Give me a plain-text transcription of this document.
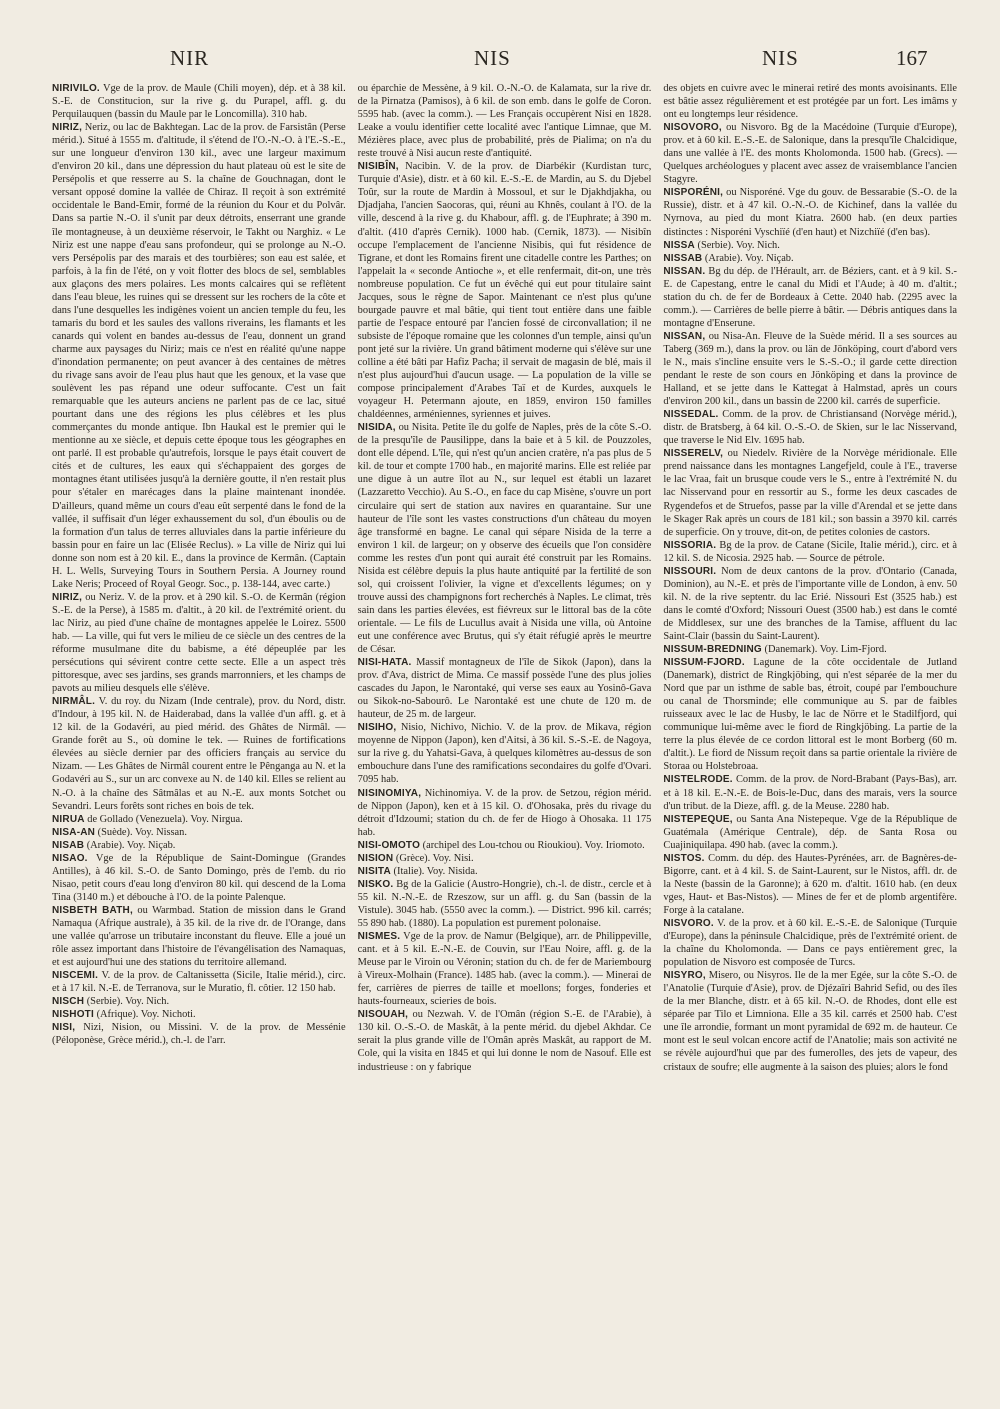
NIR	NIS	NIS	167

NIRIVILO. Vge de la prov. de Maule (Chili moyen), dép. et à 38 kil. S.-E. de Constitucion, sur la rive g. du Purapel, affl. g. du Perquilauquen (bassin du Maule par le Loncomilla). 310 hab.

NIRIZ, Neriz, ou lac de Bakhtegan. Lac de la prov. de Farsistân (Perse mérid.). Situé à 1555 m. d'altitude, il s'étend de l'O.-N.-O. à l'E.-S.-E., sur une longueur d'environ 130 kil., avec une largeur maximum d'environ 20 kil., dans une dépression du haut plateau où est le site de Persépolis et que resserre au S. la chaîne de Gouchnagan, dont le versant opposé domine la vallée de Chiraz. Il reçoit à son extrémité occidentale le Band-Emir, formé de la réunion du Kour et du Polvâr. Dans sa partie N.-O. il s'unit par deux détroits, enserrant une grande île montagneuse, à un deuxième réservoir, le Takht ou Narghiz. « Le Niriz est une nappe d'eau sans profondeur, qui se prolonge au N.-O. vers Persépolis par des marais et des tourbières; son eau est salée, et parfois, à la fin de l'été, on y voit flotter des blocs de sel, semblables aux glaçons des mers polaires. Les monts calcaires qui se reflètent dans l'eau bleue, les ruines qui se dressent sur les rochers de la côte et dans l'une desquelles les indigènes voient un ancien temple du feu, les tamaris du bord et les saules des vallons riverains, les flamants et les canards qui volent en bandes au-dessus de l'eau, donnent un grand charme aux paysages du Niriz; mais ce n'est en réalité qu'une nappe d'inondation permanente; on peut avancer à des centaines de mètres du rivage sans avoir de l'eau plus haut que les genoux, et la vase que soulèvent les pas répand une odeur suffocante. C'est un fait remarquable que les auteurs anciens ne parlent pas de ce lac, situé pourtant dans une des régions les plus célèbres et les plus commerçantes du monde antique. Ibn Haukal est le premier qui le mentionne au xe siècle, et depuis cette époque tous les géographes en ont parlé. Il est probable qu'autrefois, lorsque le pays était couvert de cités et de cultures, les eaux qui s'échappaient des gorges de montagnes étant utilisées jusqu'à la dernière goutte, il n'en restait plus pour s'étaler en marécages dans la plaine maintenant inondée. D'ailleurs, quand même un cours d'eau eût serpenté dans le fond de la vallée, il suffisait d'un léger exhaussement du sol, d'un éboulis ou de la formation d'un talus de terres alluviales dans la partie inférieure du bassin pour en faire un lac (Elisée Reclus). » La ville de Niriz qui lui donne son nom est à 20 kil. E., dans la province de Kermân. (Captain H. L. Wells, Surveying Tours in Southern Persia. A Journey round Lake Neris; Proceed of Royal Geogr. Soc., p. 138-144, avec carte.)

NIRIZ, ou Neriz. V. de la prov. et à 290 kil. S.-O. de Kermân (région S.-E. de la Perse), à 1585 m. d'altit., à 20 kil. de l'extrémité orient. du lac Niriz, au pied d'une chaîne de montagnes appelée le Loirez. 5500 hab. — La ville, qui fut vers le milieu de ce siècle un des centres de la réforme musulmane dite du babisme, a été dépeuplée par les persécutions qui sévirent contre cette secte. Elle a un aspect très pittoresque, avec ses jardins, ses grands marronniers, et les champs de pavots au milieu desquels elle s'élève.

NIRMÂL. V. du roy. du Nizam (Inde centrale), prov. du Nord, distr. d'Indour, à 195 kil. N. de Haiderabad, dans la vallée d'un affl. g. et à 12 kil. de la Godavéri, au pied mérid. des Ghâtes de Nirmâl. — Grande forêt au S., où domine le tek. — Ruines de fortifications élevées au siècle dernier par des officiers français au service du Nizam. — Les Ghâtes de Nirmâl courent entre le Pênganga au N. et la Godavéri au S., sur un arc convexe au N. de 140 kil. Elles se relient au N.-O. à la chaîne des Sâtmâlas et au N.-E. aux monts Sotchet ou Sevandri. Leurs forêts sont riches en bois de tek.

NIRUA de Gollado (Venezuela). Voy. Nirgua.

NISA-AN (Suède). Voy. Nissan.

NISAB (Arabie). Voy. Niçab.

NISAO. Vge de la République de Saint-Domingue (Grandes Antilles), à 46 kil. S.-O. de Santo Domingo, près de l'emb. du rio Nisao, petit cours d'eau long d'environ 80 kil. qui descend de la Loma Tina (3140 m.) et débouche à l'O. de la pointe Palenque.

NISBETH BATH, ou Warmbad. Station de mission dans le Grand Namaqua (Afrique australe), à 35 kil. de la rive dr. de l'Orange, dans une vallée qu'arrose un tributaire inconstant du fleuve. Elle a joué un rôle assez important dans l'histoire de l'évangélisation des Namaquas, et est aujourd'hui une des stations du territoire allemand.

NISCEMI. V. de la prov. de Caltanissetta (Sicile, Italie mérid.), circ. et à 17 kil. N.-E. de Terranova, sur le Muratio, fl. côtier. 12 150 hab.

NISCH (Serbie). Voy. Nich.

NISHOTI (Afrique). Voy. Nichoti.

NISI, Nizi, Nision, ou Missini. V. de la prov. de Messénie (Péloponèse, Grèce mérid.), ch.-l. de l'arr.

ou éparchie de Messène, à 9 kil. O.-N.-O. de Kalamata, sur la rive dr. de la Pirnatza (Pamisos), à 6 kil. de son emb. dans le golfe de Coron. 5595 hab. (avec la comm.). — Les Français occupèrent Nisi en 1828. Leake a voulu identifier cette localité avec l'antique Limnae, que M. Mézières place, avec plus de probabilité, près de Pialima; on n'a du reste trouvé à Nisi aucun reste d'antiquité.

NISIBÎN, Nacibin. V. de la prov. de Diarbékir (Kurdistan turc, Turquie d'Asie), distr. et à 60 kil. E.-S.-E. de Mardin, au S. du Djebel Toûr, sur la route de Mardin à Mossoul, et sur le Djakhdjakha, ou Djadjaha, l'ancien Saocoras, qui, réuni au Khnês, coulant à l'O. de la ville, descend à la rive g. du Khabour, affl. g. de l'Euphrate; à 390 m. d'altit. (410 d'après Cernik). 1000 hab. (Cernik, 1873). — Nisibîn occupe l'emplacement de l'ancienne Nisibis, qui fut résidence de Tigrane, et dont les Romains firent une citadelle contre les Parthes; on l'appelait la « seconde Antioche », et elle renfermait, dit-on, une très nombreuse population. Ce fut un évêché qui eut pour titulaire saint Jacques, sous le règne de Sapor. Maintenant ce n'est plus qu'une bourgade pauvre et mal bâtie, qui tient tout entière dans une faible partie de l'espace entouré par l'ancien fossé de circonvallation; il ne subsiste de l'époque romaine que les colonnes d'un temple, ainsi qu'un pont jeté sur la rivière. Un grand bâtiment moderne qui s'élève sur une colline a été bâti par Hafiz Pacha; il servait de magasin de blé, mais il n'est plus aujourd'hui d'aucun usage. — La population de la ville se compose principalement d'Arabes Taï et de Kurdes, auxquels le voyageur H. Petermann ajoute, en 1859, environ 150 familles chaldéennes, arméniennes, syriennes et juives.

NISIDA, ou Nisita. Petite île du golfe de Naples, près de la côte S.-O. de la presqu'île de Pausilippe, dans la baie et à 5 kil. de Pouzzoles, dont elle dépend. L'île, qui n'est qu'un ancien cratère, n'a pas plus de 5 kil. de tour et compte 1700 hab., en majorité marins. Elle est reliée par une digue à un autre îlot au N., sur lequel est établi un lazaret (Lazzaretto Vecchio). Au S.-O., en face du cap Misène, s'ouvre un port circulaire qui sert de station aux navires en quarantaine. Sur une hauteur de l'île sont les vastes constructions d'un château du moyen âge transformé en bagne. Le canal qui sépare Nisida de la terre a environ 1 kil. de largeur; on y observe des écueils que l'on considère comme les restes d'un pont qui aurait été construit par les Romains. Nisida est célèbre depuis la plus haute antiquité par la fertilité de son sol, qui croissent l'olivier, la vigne et d'excellents légumes; on y trouve aussi des champignons fort recherchés à Naples. Le climat, très sain dans les parties élevées, est fiévreux sur le littoral bas de la côte orientale. — Le fils de Lucullus avait à Nisida une villa, où Antoine eut une conférence avec Brutus, qui s'y était réfugié après le meurtre de César.

NISI-HATA. Massif montagneux de l'île de Sikok (Japon), dans la prov. d'Ava, district de Mima. Ce massif possède l'une des plus jolies cascades du Japon, le Narontaké, qui verse ses eaux au Yosinô-Gava ou Sikok-no-Sabourô. Le Narontaké est une chute de 120 m. de hauteur, de 25 m. de largeur.

NISIHO, Nisio, Nichivo, Nichio. V. de la prov. de Mikava, région moyenne de Nippon (Japon), ken d'Aitsi, à 36 kil. S.-S.-E. de Nagoya, sur la rive g. du Yahatsi-Gava, à quelques kilomètres au-dessus de son embouchure dans l'une des ramifications secondaires du golfe d'Ovari. 7095 hab.

NISINOMIYA, Nichinomiya. V. de la prov. de Setzou, région mérid. de Nippon (Japon), ken et à 15 kil. O. d'Ohosaka, près du rivage du détroit d'Idzoumi; station du ch. de fer de Hiogo à Ohosaka. 11 175 hab.

NISI-OMOTO (archipel des Lou-tchou ou Rioukiou). Voy. Iriomoto.

NISION (Grèce). Voy. Nisi.

NISITA (Italie). Voy. Nisida.

NISKO. Bg de la Galicie (Austro-Hongrie), ch.-l. de distr., cercle et à 55 kil. N.-N.-E. de Rzeszow, sur un affl. g. du San (bassin de la Vistule). 3045 hab. (5550 avec la comm.). — District. 996 kil. carrés; 55 890 hab. (1880). La population est purement polonaise.

NISMES. Vge de la prov. de Namur (Belgique), arr. de Philippeville, cant. et à 5 kil. E.-N.-E. de Couvin, sur l'Eau Noire, affl. g. de la Meuse par le Viroin ou Véronin; station du ch. de fer de Mariembourg à Vireux-Molhain (France). 1485 hab. (avec la comm.). — Minerai de fer, carrières de pierres de taille et moellons; forges, fonderies et hauts-fourneaux, scieries de bois.

NISOUAH, ou Nezwah. V. de l'Omân (région S.-E. de l'Arabie), à 130 kil. O.-S.-O. de Maskât, à la pente mérid. du djebel Akhdar. Ce serait la plus grande ville de l'Omân après Maskât, au rapport de M. Cole, qui la visita en 1845 et qui lui donne le nom de Nasouf. Elle est industrieuse : on y fabrique

des objets en cuivre avec le minerai retiré des monts avoisinants. Elle est bâtie assez régulièrement et est protégée par un fort. Les imâms y ont eu longtemps leur résidence.

NISOVORO, ou Nisvoro. Bg de la Macédoine (Turquie d'Europe), prov. et à 60 kil. E.-S.-E. de Salonique, dans la presqu'île Chalcidique, dans une vallée à l'E. des monts Kholomonda. 1500 hab. (Grecs). — Quelques archéologues y placent avec assez de vraisemblance l'ancien Stagyre.

NISPORÉNI, ou Nisporéné. Vge du gouv. de Bessarabie (S.-O. de la Russie), distr. et à 47 kil. O.-N.-O. de Kichinef, dans la vallée du Nyrnova, au pied du mont Kiatra. 2600 hab. (en deux parties distinctes : Nisporéni Vyschiïé (d'en haut) et Nizchiïé (d'en bas).

NISSA (Serbie). Voy. Nich.

NISSAB (Arabie). Voy. Niçab.

NISSAN. Bg du dép. de l'Hérault, arr. de Béziers, cant. et à 9 kil. S.-E. de Capestang, entre le canal du Midi et l'Aude; à 40 m. d'altit.; station du ch. de fer de Bordeaux à Cette. 2040 hab. (2295 avec la comm.). — Carrières de belle pierre à bâtir. — Débris antiques dans la montagne d'Enserune.

NISSAN, ou Nisa-An. Fleuve de la Suède mérid. Il a ses sources au Taberg (369 m.), dans la prov. ou län de Jönköping, court d'abord vers le N., mais s'incline ensuite vers le S.-S.-O.; il garde cette direction pendant le reste de son cours en Jönköping et dans la province de Halland, et se jette dans le Kattegat à Halmstad, après un cours d'environ 200 kil., dans un bassin de 2200 kil. carrés de superficie.

NISSEDAL. Comm. de la prov. de Christiansand (Norvège mérid.), distr. de Bratsberg, à 64 kil. O.-S.-O. de Skien, sur le lac Nisservand, que traverse le Nid Elv. 1695 hab.

NISSERELV, ou Niedelv. Rivière de la Norvège méridionale. Elle prend naissance dans les montagnes Langefjeld, coule à l'E., traverse le lac Vraa, fait un brusque coude vers le S., entre à l'extrémité N. du lac Nisservand pour en ressortir au S., forme les deux cascades de Rygendefos et de Struefos, passe par la ville d'Arendal et se jette dans le Skager Rak après un cours de 181 kil.; son bassin a 3970 kil. carrés de superficie. On y trouve, dit-on, de petites colonies de castors.

NISSORIA. Bg de la prov. de Catane (Sicile, Italie mérid.), circ. et à 12 kil. S. de Nicosia. 2925 hab. — Source de pétrole.

NISSOURI. Nom de deux cantons de la prov. d'Ontario (Canada, Dominion), au N.-E. et près de l'importante ville de London, à env. 50 kil. N. de la rive septentr. du lac Erié. Nissouri Est (3525 hab.) est dans le comté d'Oxford; Nissouri Ouest (3500 hab.) est dans le comté de Middlesex, sur une des branches de la Tamise, affluent du lac Saint-Clair (bassin du Saint-Laurent).

NISSUM-BREDNING (Danemark). Voy. Lim-Fjord.

NISSUM-FJORD. Lagune de la côte occidentale de Jutland (Danemark), district de Ringkjöbing, qui n'est séparée de la mer du Nord que par un isthme de sable bas, étroit, coupé par l'embouchure ou canal de Thorsminde; elle communique au S. par de faibles ruisseaux avec le lac de Husby, le lac de Nörre et le Stadilfjord, qui communique lui-même avec le fiord de Ringkjöbing. La partie de la terre la plus élevée de ce cordon littoral est le mont Borberg (60 m. d'altit.). Le fiord de Nissum reçoit dans sa partie orientale la rivière de Storaa ou Holstebroaa.

NISTELRODE. Comm. de la prov. de Nord-Brabant (Pays-Bas), arr. et à 18 kil. E.-N.-E. de Bois-le-Duc, dans des marais, vers la source d'un tribut. de la Dieze, affl. g. de la Meuse. 2280 hab.

NISTEPEQUE, ou Santa Ana Nistepeque. Vge de la République de Guatémala (Amérique Centrale), dép. de Santa Rosa ou Cuajiniquilapa. 490 hab. (avec la comm.).

NISTOS. Comm. du dép. des Hautes-Pyrénées, arr. de Bagnères-de-Bigorre, cant. et à 4 kil. S. de Saint-Laurent, sur le Nistos, affl. dr. de la Neste (bassin de la Garonne); à 620 m. d'altit. 1610 hab. (en deux vges, Haut- et Bas-Nistos). — Mines de fer et de plomb argentifère. Forge à la catalane.

NISVORO. V. de la prov. et à 60 kil. E.-S.-E. de Salonique (Turquie d'Europe), dans la péninsule Chalcidique, près de l'extrémité orient. de la chaîne du Kholomonda. — Dans ce pays entièrement grec, la population de Nisvoro est composée de Turcs.

NISYRO, Misero, ou Nisyros. Ile de la mer Egée, sur la côte S.-O. de l'Anatolie (Turquie d'Asie), prov. de Djézaïri Bahrid Sefid, ou des îles de la mer Blanche, distr. et à 65 kil. N.-O. de Rhodes, dont elle est séparée par Tilo et Limniona. Elle a 35 kil. carrés et 2500 hab. C'est une île arrondie, formant un mont pyramidal de 692 m. de hauteur. Ce mont est le seul volcan encore actif de l'Anatolie; mais son activité ne se révèle aujourd'hui que par des fumerolles, des jets de vapeur, des cristaux de soufre; elle augmente à la saison des pluies; alors le fond
